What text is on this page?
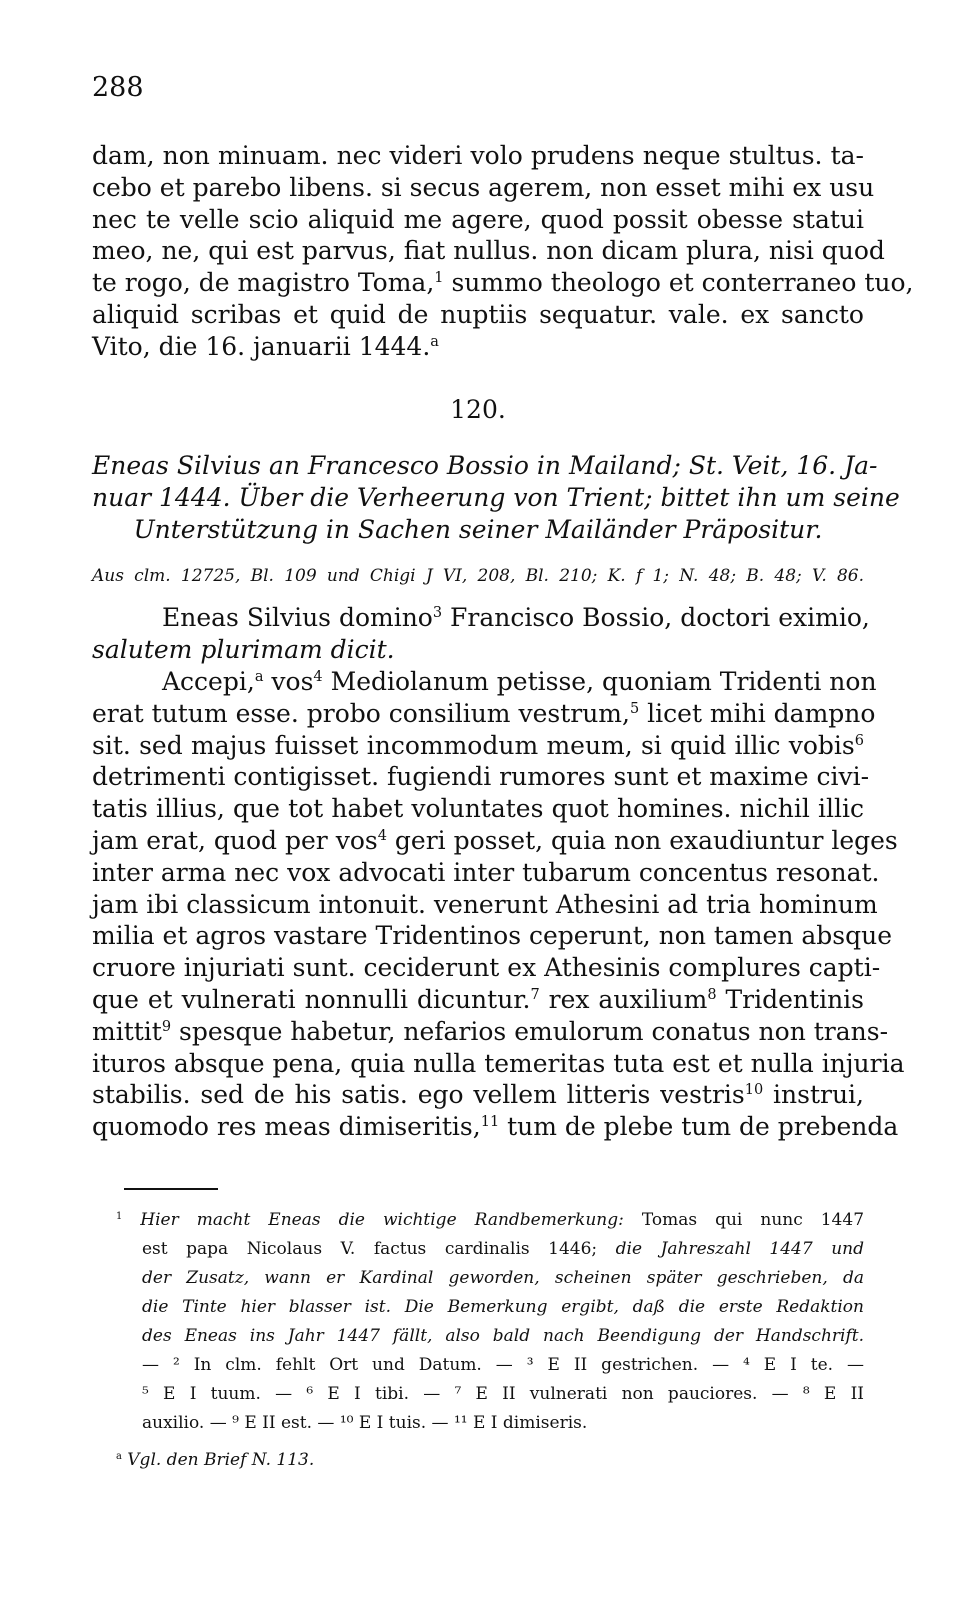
288
dam, non minuam. nec videri volo prudens neque stultus. ta-
cebo et parebo libens. si secus agerem, non esset mihi ex usu
nec te velle scio aliquid me agere, quod possit obesse statui
meo, ne, qui est parvus, fiat nullus. non dicam plura, nisi quod
te rogo, de magistro Toma,$^1$ summo theologo et conterraneo tuo,
aliquid scribas et quid de nuptiis sequatur. vale. ex sancto
Vito, die 16. januarii 1444.$^a$
120.
Eneas Silvius an Francesco Bossio in Mailand; St. Veit, 16. Ja-
nuar 1444. Über die Verheerung von Trient; bittet ihn um seine
Unterstützung in Sachen seiner Mailänder Präpositur.
Aus clm. 12725, Bl. 109 und Chigi J VI, 208, Bl. 210; K. f 1; N. 48; B. 48; V. 86.
Eneas Silvius domino$^3$ Francisco Bossio, doctori eximio,
salutem plurimam dicit.
Accepi,$^a$ vos$^4$ Mediolanum petisse, quoniam Tridenti non
erat tutum esse. probo consilium vestrum,$^5$ licet mihi dampno
sit. sed majus fuisset incommodum meum, si quid illic vobis$^6$
detrimenti contigisset. fugiendi rumores sunt et maxime civi-
tatis illius, que tot habet voluntates quot homines. nichil illic
jam erat, quod per vos$^4$ geri posset, quia non exaudiuntur leges
inter arma nec vox advocati inter tubarum concentus resonat.
jam ibi classicum intonuit. venerunt Athesini ad tria hominum
milia et agros vastare Tridentinos ceperunt, non tamen absque
cruore injuriati sunt. ceciderunt ex Athesinis complures capti-
que et vulnerati nonnulli dicuntur.$^7$ rex auxilium$^8$ Tridentinis
mittit$^9$ spesque habetur, nefarios emulorum conatus non trans-
ituros absque pena, quia nulla temeritas tuta est et nulla injuria
stabilis. sed de his satis. ego vellem litteris vestris$^{10}$ instrui,
quomodo res meas dimiseritis,$^{11}$ tum de plebe tum de prebenda
$^1$ Hier macht Eneas die wichtige Randbemerkung: Tomas qui nunc 1447
est papa Nicolaus V. factus cardinalis 1446; die Jahreszahl 1447 und
der Zusatz, wann er Kardinal geworden, scheinen später geschrieben, da
die Tinte hier blasser ist. Die Bemerkung ergibt, daß die erste Redaktion
des Eneas ins Jahr 1447 fällt, also bald nach Beendigung der Handschrift.
— ² In clm. fehlt Ort und Datum. — ³ E II gestrichen. — ⁴ E I te. —
⁵ E I tuum. — ⁶ E I tibi. — ⁷ E II vulnerati non pauciores. — ⁸ E II
auxilio. — ⁹ E II est. — ¹⁰ E I tuis. — ¹¹ E I dimiseris.
$^a$ Vgl. den Brief N. 113.
